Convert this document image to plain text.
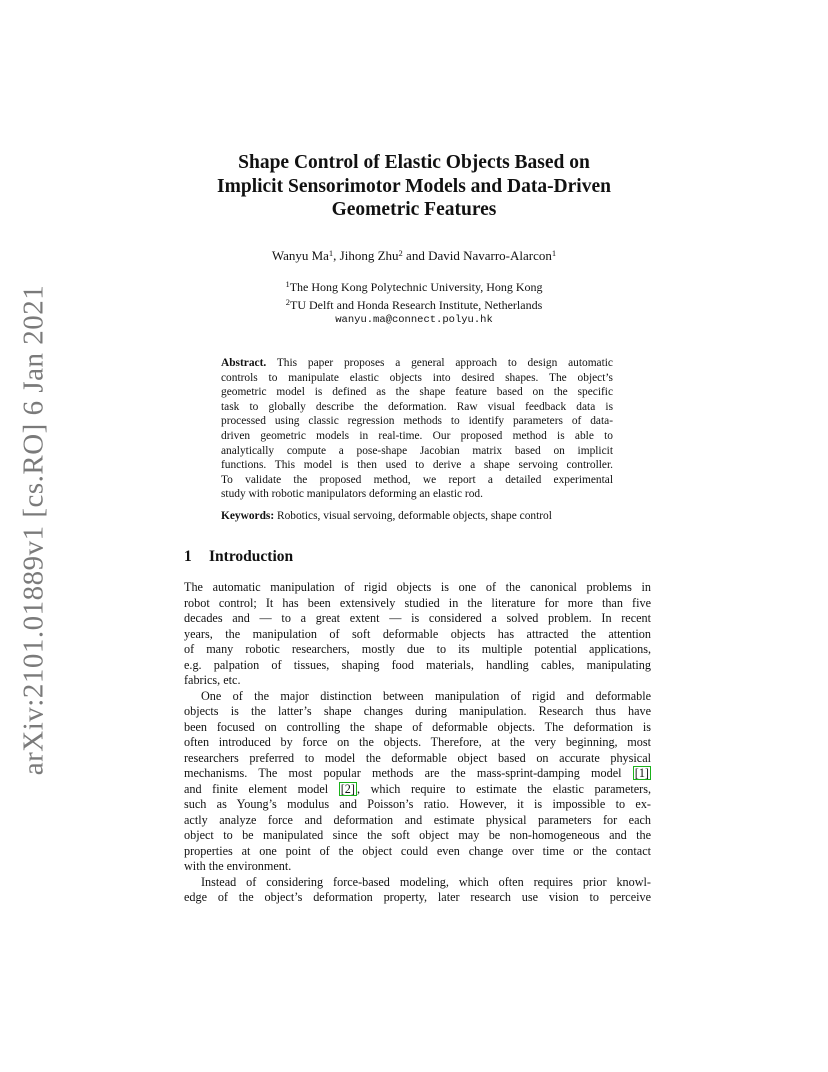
arXiv:2101.01889v1 [cs.RO] 6 Jan 2021
Shape Control of Elastic Objects Based on
Implicit Sensorimotor Models and Data-Driven
Geometric Features
Wanyu Ma$^1$, Jihong Zhu$^2$ and David Navarro-Alarcon$^1$
$^1$The Hong Kong Polytechnic University, Hong Kong
$^2$TU Delft and Honda Research Institute, Netherlands
wanyu.ma@connect.polyu.hk
Abstract. This paper proposes a general approach to design automatic
controls to manipulate elastic objects into desired shapes. The object’s
geometric model is defined as the shape feature based on the specific
task to globally describe the deformation. Raw visual feedback data is
processed using classic regression methods to identify parameters of data-
driven geometric models in real-time. Our proposed method is able to
analytically compute a pose-shape Jacobian matrix based on implicit
functions. This model is then used to derive a shape servoing controller.
To validate the proposed method, we report a detailed experimental
study with robotic manipulators deforming an elastic rod.
Keywords: Robotics, visual servoing, deformable objects, shape control
1 Introduction
The automatic manipulation of rigid objects is one of the canonical problems in
robot control; It has been extensively studied in the literature for more than five
decades and — to a great extent — is considered a solved problem. In recent
years, the manipulation of soft deformable objects has attracted the attention
of many robotic researchers, mostly due to its multiple potential applications,
e.g. palpation of tissues, shaping food materials, handling cables, manipulating
fabrics, etc.
One of the major distinction between manipulation of rigid and deformable
objects is the latter’s shape changes during manipulation. Research thus have
been focused on controlling the shape of deformable objects. The deformation is
often introduced by force on the objects. Therefore, at the very beginning, most
researchers preferred to model the deformable object based on accurate physical
mechanisms. The most popular methods are the mass-sprint-damping model [1]
and finite element model [2] , which require to estimate the elastic parameters,
such as Young’s modulus and Poisson’s ratio. However, it is impossible to ex-
actly analyze force and deformation and estimate physical parameters for each
object to be manipulated since the soft object may be non-homogeneous and the
properties at one point of the object could even change over time or the contact
with the environment.
Instead of considering force-based modeling, which often requires prior knowl-
edge of the object’s deformation property, later research use vision to perceive
